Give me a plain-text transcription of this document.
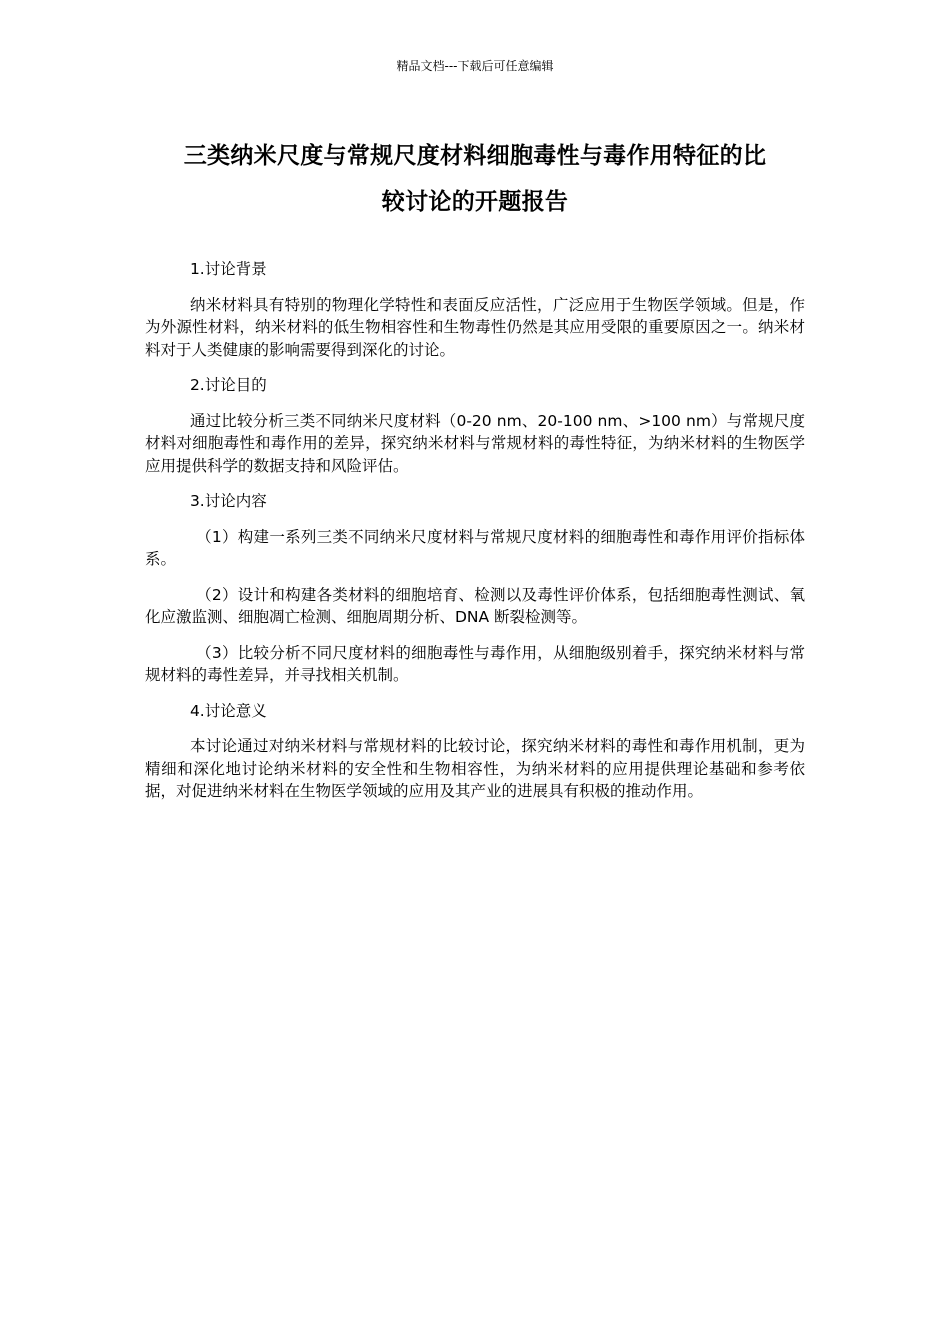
精品文档---下载后可任意编辑
三类纳米尺度与常规尺度材料细胞毒性与毒作用特征的比
较讨论的开题报告
1.讨论背景
纳米材料具有特别的物理化学特性和表面反应活性，广泛应用于生物医学领域。但是，作为外源性材料，纳米材料的低生物相容性和生物毒性仍然是其应用受限的重要原因之一。纳米材料对于人类健康的影响需要得到深化的讨论。
2.讨论目的
通过比较分析三类不同纳米尺度材料（0-20 nm、20-100 nm、>100 nm）与常规尺度材料对细胞毒性和毒作用的差异，探究纳米材料与常规材料的毒性特征，为纳米材料的生物医学应用提供科学的数据支持和风险评估。
3.讨论内容
（1）构建一系列三类不同纳米尺度材料与常规尺度材料的细胞毒性和毒作用评价指标体系。
（2）设计和构建各类材料的细胞培育、检测以及毒性评价体系，包括细胞毒性测试、氧化应激监测、细胞凋亡检测、细胞周期分析、DNA 断裂检测等。
（3）比较分析不同尺度材料的细胞毒性与毒作用，从细胞级别着手，探究纳米材料与常规材料的毒性差异，并寻找相关机制。
4.讨论意义
本讨论通过对纳米材料与常规材料的比较讨论，探究纳米材料的毒性和毒作用机制，更为精细和深化地讨论纳米材料的安全性和生物相容性，为纳米材料的应用提供理论基础和参考依据，对促进纳米材料在生物医学领域的应用及其产业的进展具有积极的推动作用。
